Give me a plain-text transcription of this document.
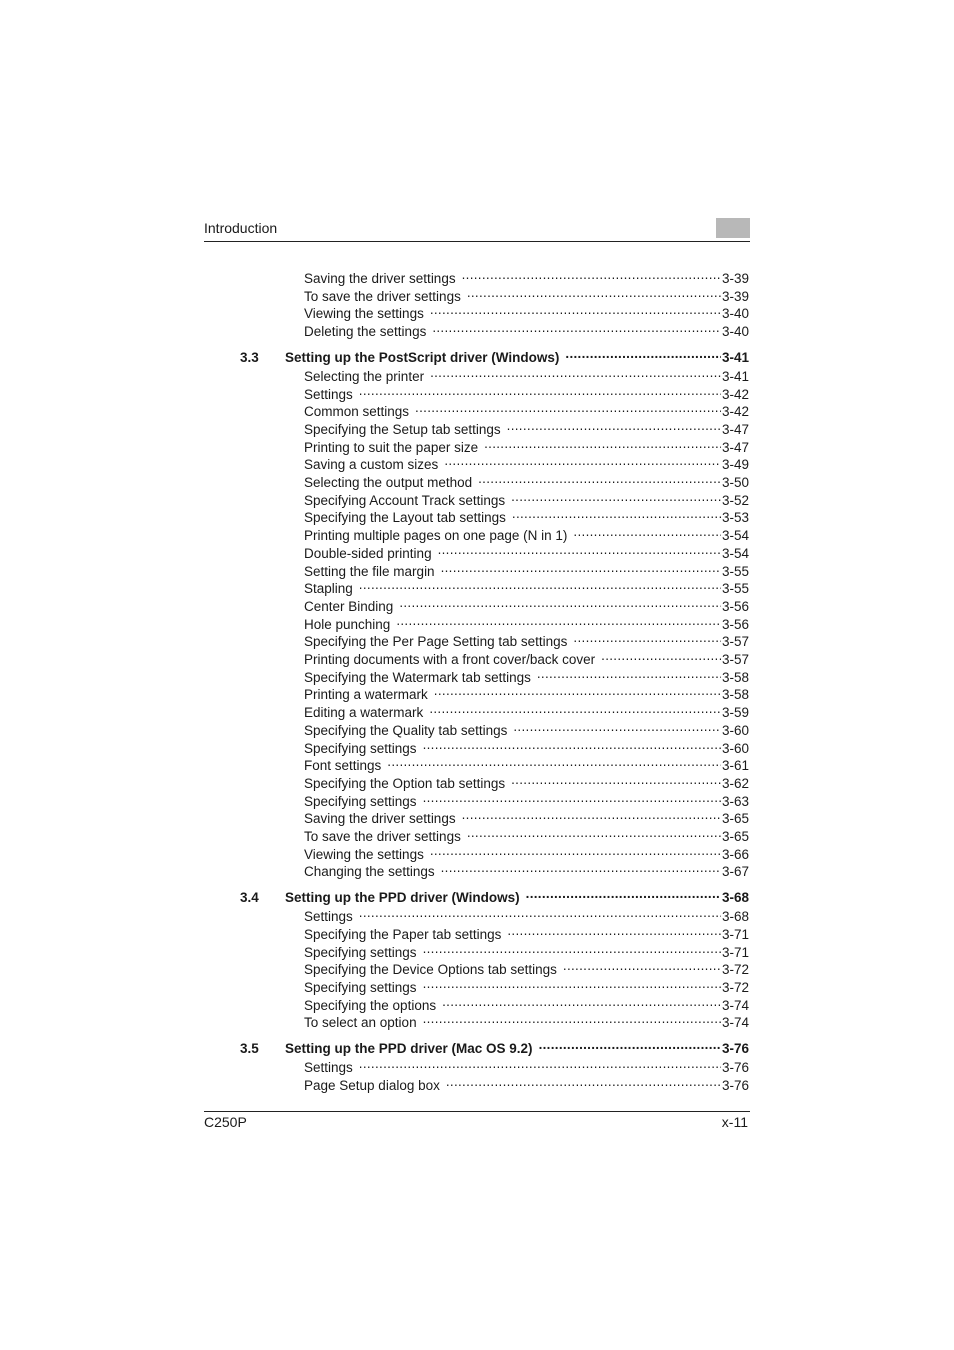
Introduction
Saving the driver settings .....	3-39
To save the driver settings .....	3-39
Viewing the settings .....	3-40
Deleting the settings .....	3-40
3.3	Setting up the PostScript driver (Windows) .....	3-41
Selecting the printer .....	3-41
Settings .....	3-42
Common settings .....	3-42
Specifying the Setup tab settings .....	3-47
Printing to suit the paper size .....	3-47
Saving a custom sizes .....	3-49
Selecting the output method .....	3-50
Specifying Account Track settings .....	3-52
Specifying the Layout tab settings .....	3-53
Printing multiple pages on one page (N in 1) .....	3-54
Double-sided printing .....	3-54
Setting the file margin .....	3-55
Stapling .....	3-55
Center Binding .....	3-56
Hole punching .....	3-56
Specifying the Per Page Setting tab settings .....	3-57
Printing documents with a front cover/back cover .....	3-57
Specifying the Watermark tab settings .....	3-58
Printing a watermark .....	3-58
Editing a watermark .....	3-59
Specifying the Quality tab settings .....	3-60
Specifying settings .....	3-60
Font settings .....	3-61
Specifying the Option tab settings .....	3-62
Specifying settings .....	3-63
Saving the driver settings .....	3-65
To save the driver settings .....	3-65
Viewing the settings .....	3-66
Changing the settings .....	3-67
3.4	Setting up the PPD driver (Windows) .....	3-68
Settings .....	3-68
Specifying the Paper tab settings .....	3-71
Specifying settings .....	3-71
Specifying the Device Options tab settings .....	3-72
Specifying settings .....	3-72
Specifying the options .....	3-74
To select an option .....	3-74
3.5	Setting up the PPD driver (Mac OS 9.2) .....	3-76
Settings .....	3-76
Page Setup dialog box .....	3-76
C250P	x-11
